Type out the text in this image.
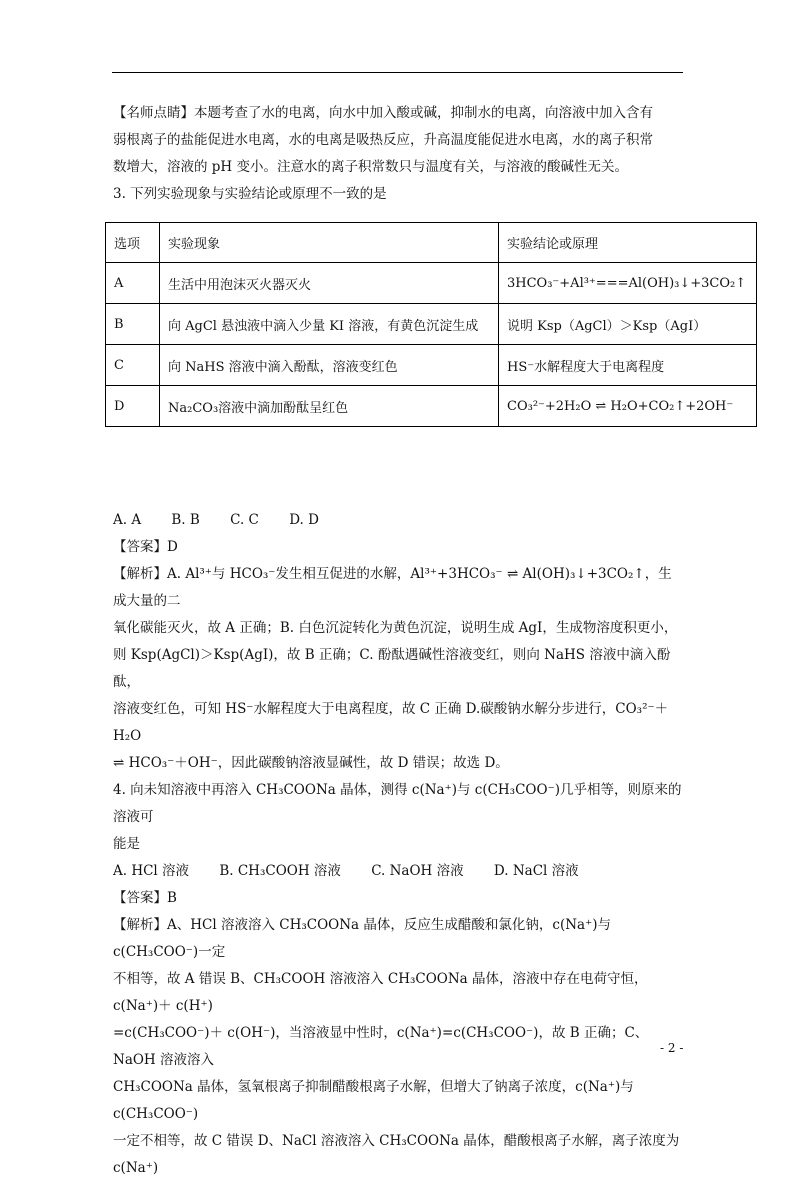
【名师点睛】本题考查了水的电离，向水中加入酸或碱，抑制水的电离，向溶液中加入含有

弱根离子的盐能促进水电离，水的电离是吸热反应，升高温度能促进水电离，水的离子积常

数增大，溶液的 pH 变小。注意水的离子积常数只与温度有关，与溶液的酸碱性无关。

3. 下列实验现象与实验结论或原理不一致的是

选项	实验现象	实验结论或原理
A	生活中用泡沫灭火器灭火	3HCO₃⁻+Al³⁺===Al(OH)₃↓+3CO₂↑
B	向 AgCl 悬浊液中滴入少量 KI 溶液，有黄色沉淀生成	说明 Ksp（AgCl）＞Ksp（AgI）
C	向 NaHS 溶液中滴入酚酞，溶液变红色	HS⁻水解程度大于电离程度
D	Na₂CO₃溶液中滴加酚酞呈红色	CO₃²⁻+2H₂O ⇌ H₂O+CO₂↑+2OH⁻

A. A B. B C. C D. D

【答案】D

【解析】A. Al³⁺与 HCO₃⁻发生相互促进的水解，Al³⁺+3HCO₃⁻ ⇌ Al(OH)₃↓+3CO₂↑，生成大量的二

氧化碳能灭火，故 A 正确；B. 白色沉淀转化为黄色沉淀，说明生成 AgI，生成物溶度积更小，

则 Ksp(AgCl)＞Ksp(AgI)，故 B 正确；C. 酚酞遇碱性溶液变红，则向 NaHS 溶液中滴入酚酞，

溶液变红色，可知 HS⁻水解程度大于电离程度，故 C 正确 D.碳酸钠水解分步进行，CO₃²⁻＋H₂O

⇌ HCO₃⁻＋OH⁻，因此碳酸钠溶液显碱性，故 D 错误；故选 D。

4. 向未知溶液中再溶入 CH₃COONa 晶体，测得 c(Na⁺)与 c(CH₃COO⁻)几乎相等，则原来的溶液可

能是

A. HCl 溶液 B. CH₃COOH 溶液 C. NaOH 溶液 D. NaCl 溶液

【答案】B

【解析】A、HCl 溶液溶入 CH₃COONa 晶体，反应生成醋酸和氯化钠，c(Na⁺)与 c(CH₃COO⁻)一定

不相等，故 A 错误 B、CH₃COOH 溶液溶入 CH₃COONa 晶体，溶液中存在电荷守恒，c(Na⁺)＋ c(H⁺)

=c(CH₃COO⁻)＋ c(OH⁻)，当溶液显中性时，c(Na⁺)=c(CH₃COO⁻)，故 B 正确；C、NaOH 溶液溶入

CH₃COONa 晶体，氢氧根离子抑制醋酸根离子水解，但增大了钠离子浓度，c(Na⁺)与 c(CH₃COO⁻)

一定不相等，故 C 错误 D、NaCl 溶液溶入 CH₃COONa 晶体，醋酸根离子水解，离子浓度为 c(Na⁺)

- 2 -
